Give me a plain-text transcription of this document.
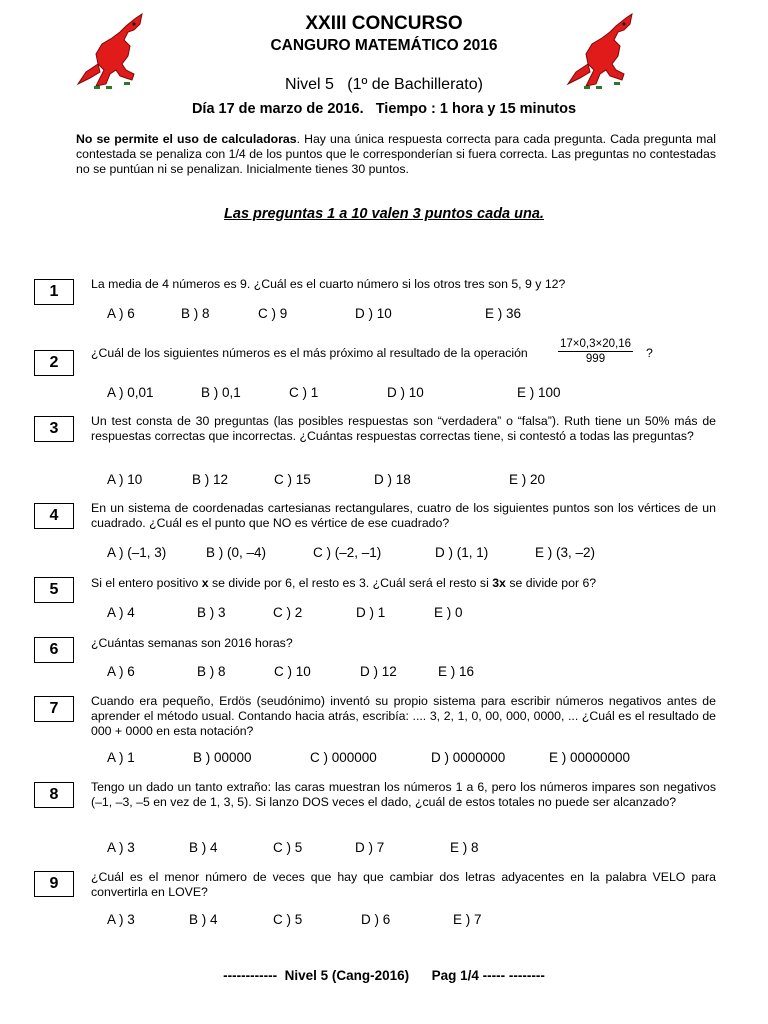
XXIII CONCURSO
CANGURO MATEMÁTICO 2016
Nivel 5   (1º de Bachillerato)
Día 17 de marzo de 2016.   Tiempo : 1 hora y 15 minutos
No se permite el uso de calculadoras. Hay una única respuesta correcta para cada pregunta. Cada pregunta mal contestada se penaliza con 1/4 de los puntos que le corresponderían si fuera correcta. Las preguntas no contestadas no se puntúan ni se penalizan. Inicialmente tienes 30 puntos.
Las preguntas 1 a 10 valen 3 puntos cada una.
1	La media de 4 números es 9. ¿Cuál es el cuarto número si los otros tres son 5, 9 y 12?
A ) 6	B ) 8	C ) 9	D ) 10	E ) 36
2
¿Cuál de los siguientes números es el más próximo al resultado de la operación	$\frac{17\times 0,3\times 20,16}{999}$ ?
A ) 0,01	B ) 0,1	C ) 1	D ) 10	E ) 100
3	Un test consta de 30 preguntas (las posibles respuestas son “verdadera” o “falsa”). Ruth tiene un 50% más de respuestas correctas que incorrectas. ¿Cuántas respuestas correctas tiene, si contestó a todas las preguntas?
A ) 10	B ) 12	C ) 15	D ) 18	E ) 20
4	En un sistema de coordenadas cartesianas rectangulares, cuatro de los siguientes puntos son los vértices de un cuadrado. ¿Cuál es el punto que NO es vértice de ese cuadrado?
A ) (–1, 3)	B ) (0, –4)	C ) (–2, –1)	D ) (1, 1)	E ) (3, –2)
5	Si el entero positivo x se divide por 6, el resto es 3. ¿Cuál será el resto si 3x se divide por 6?
A ) 4	B ) 3	C ) 2	D ) 1	E ) 0
6	¿Cuántas semanas son 2016 horas?
A ) 6	B ) 8	C ) 10	D ) 12	E ) 16
7	Cuando era pequeño, Erdös (seudónimo) inventó su propio sistema para escribir números negativos antes de aprender el método usual. Contando hacia atrás, escribía: .... 3, 2, 1, 0, 00, 000, 0000, ... ¿Cuál es el resultado de 000 + 0000 en esta notación?
A ) 1	B ) 00000	C ) 000000	D ) 0000000	E ) 00000000
8	Tengo un dado un tanto extraño: las caras muestran los números 1 a 6, pero los números impares son negativos (–1, –3, –5 en vez de 1, 3, 5). Si lanzo DOS veces el dado, ¿cuál de estos totales no puede ser alcanzado?
A ) 3	B ) 4	C ) 5	D ) 7	E ) 8
9	¿Cuál es el menor número de veces que hay que cambiar dos letras adyacentes en la palabra VELO para convertirla en LOVE?
A ) 3	B ) 4	C ) 5	D ) 6	E ) 7
------------  Nivel 5 (Cang-2016)      Pag 1/4 ----- --------
